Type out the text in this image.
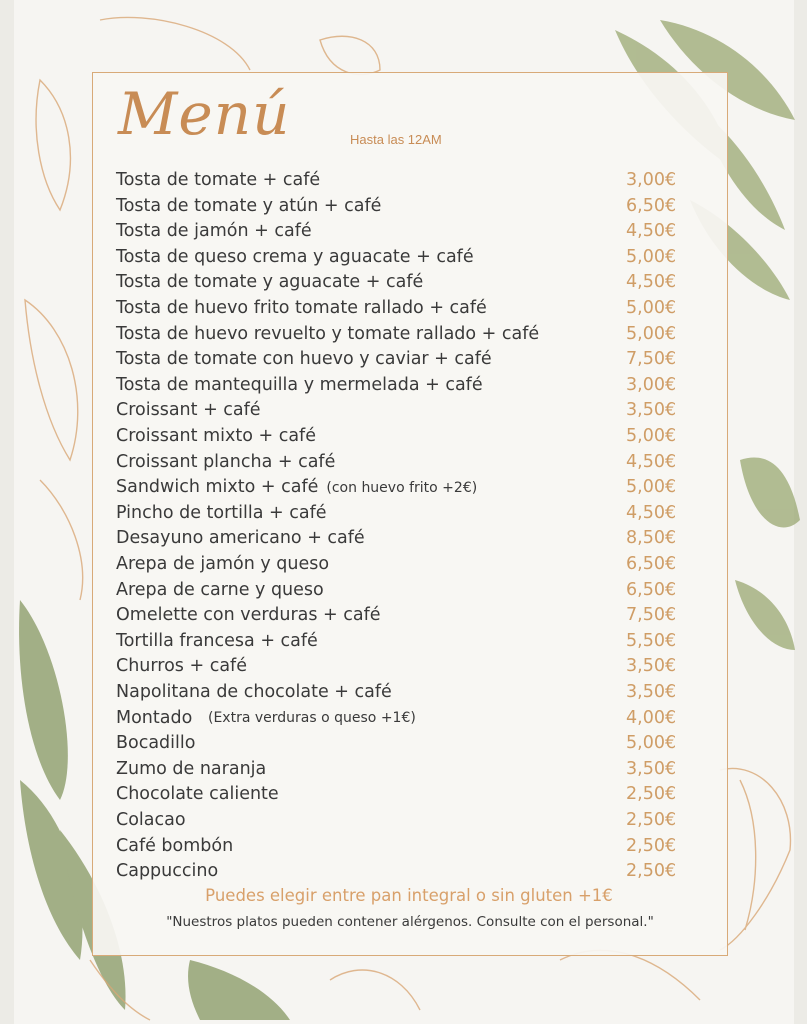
Menú	Hasta las 12AM
Tosta de tomate + café	3,00€
Tosta de tomate y atún + café	6,50€
Tosta de jamón + café	4,50€
Tosta de queso crema y aguacate + café	5,00€
Tosta de tomate y aguacate + café	4,50€
Tosta de huevo frito tomate rallado + café	5,00€
Tosta de huevo revuelto y tomate rallado + café	5,00€
Tosta de tomate con huevo y caviar + café	7,50€
Tosta de mantequilla y mermelada + café	3,00€
Croissant + café	3,50€
Croissant mixto + café	5,00€
Croissant plancha + café	4,50€
Sandwich mixto + café (con huevo frito +2€)	5,00€
Pincho de tortilla + café	4,50€
Desayuno americano + café	8,50€
Arepa de jamón y queso	6,50€
Arepa de carne y queso	6,50€
Omelette con verduras + café	7,50€
Tortilla francesa + café	5,50€
Churros + café	3,50€
Napolitana de chocolate + café	3,50€
Montado	4,00€
Bocadillo	5,00€
Zumo de naranja	3,50€
Chocolate caliente	2,50€
Colacao	2,50€
Café bombón	2,50€
Cappuccino	2,50€
(Extra verduras o queso +1€)
Puedes elegir entre pan integral o sin gluten +1€
"Nuestros platos pueden contener alérgenos. Consulte con el personal."
